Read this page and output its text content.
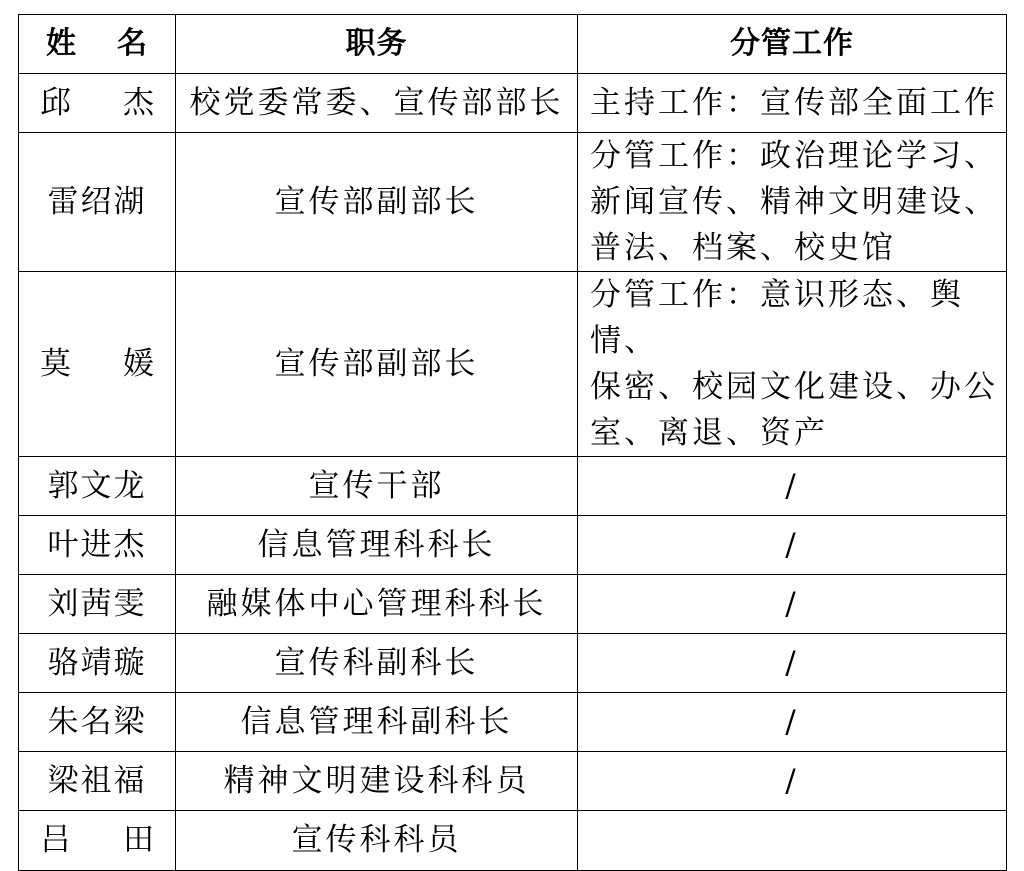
姓 名	职务	分管工作
邱 杰	校党委常委、宣传部部长	主持工作：宣传部全面工作
雷绍湖	宣传部副部长	分管工作：政治理论学习、
新闻宣传、精神文明建设、
普法、档案、校史馆
莫 媛	宣传部副部长	分管工作：意识形态、舆情、
保密、校园文化建设、办公
室、离退、资产
郭文龙	宣传干部	/
叶进杰	信息管理科科长	/
刘茜雯	融媒体中心管理科科长	/
骆靖璇	宣传科副科长	/
朱名梁	信息管理科副科长	/
梁祖福	精神文明建设科科员	/
吕 田	宣传科科员	
